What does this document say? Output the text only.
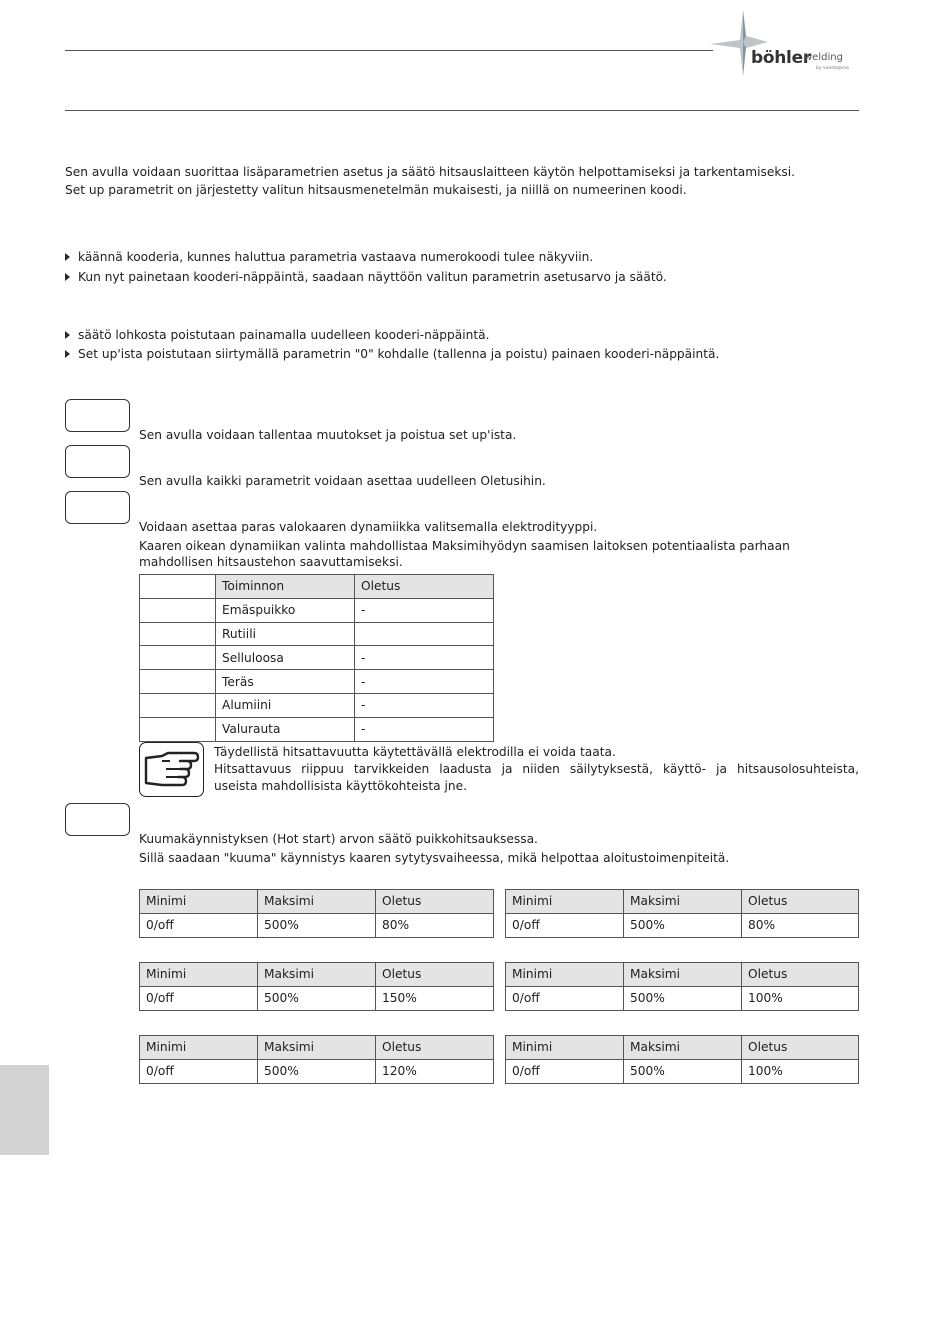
böhler
welding
by voestalpine
Sen avulla voidaan suorittaa lisäparametrien asetus ja säätö hitsauslaitteen käytön helpottamiseksi ja tarkentamiseksi.
Set up parametrit on järjestetty valitun hitsausmenetelmän mukaisesti, ja niillä on numeerinen koodi.
käännä kooderia, kunnes haluttua parametria vastaava numerokoodi tulee näkyviin.
Kun nyt painetaan kooderi-näppäintä, saadaan näyttöön valitun parametrin asetusarvo ja säätö.
säätö lohkosta poistutaan painamalla uudelleen kooderi-näppäintä.
Set up'ista poistutaan siirtymällä parametrin "0" kohdalle (tallenna ja poistu) painaen kooderi-näppäintä.
Sen avulla voidaan tallentaa muutokset ja poistua set up'ista.
Sen avulla kaikki parametrit voidaan asettaa uudelleen Oletusihin.
Voidaan asettaa paras valokaaren dynamiikka valitsemalla elektrodityyppi.
Kaaren oikean dynamiikan valinta mahdollistaa Maksimihyödyn saamisen laitoksen potentiaalista parhaan
mahdollisen hitsaustehon saavuttamiseksi.
	Toiminnon	Oletus
	Emäspuikko	-
	Rutiili	
	Selluloosa	-
	Teräs	-
	Alumiini	-
	Valurauta	-
Täydellistä hitsattavuutta käytettävällä elektrodilla ei voida taata.
Hitsattavuus riippuu tarvikkeiden laadusta ja niiden säilytyksestä, käyttö- ja hitsausolosuhteista,
useista mahdollisista käyttökohteista jne.
Kuumakäynnistyksen (Hot start) arvon säätö puikkohitsauksessa.
Sillä saadaan "kuuma" käynnistys kaaren sytytysvaiheessa, mikä helpottaa aloitustoimenpiteitä.
Minimi	Maksimi	Oletus
0/off	500%	80%
Minimi	Maksimi	Oletus
0/off	500%	80%
Minimi	Maksimi	Oletus
0/off	500%	150%
Minimi	Maksimi	Oletus
0/off	500%	100%
Minimi	Maksimi	Oletus
0/off	500%	120%
Minimi	Maksimi	Oletus
0/off	500%	100%
